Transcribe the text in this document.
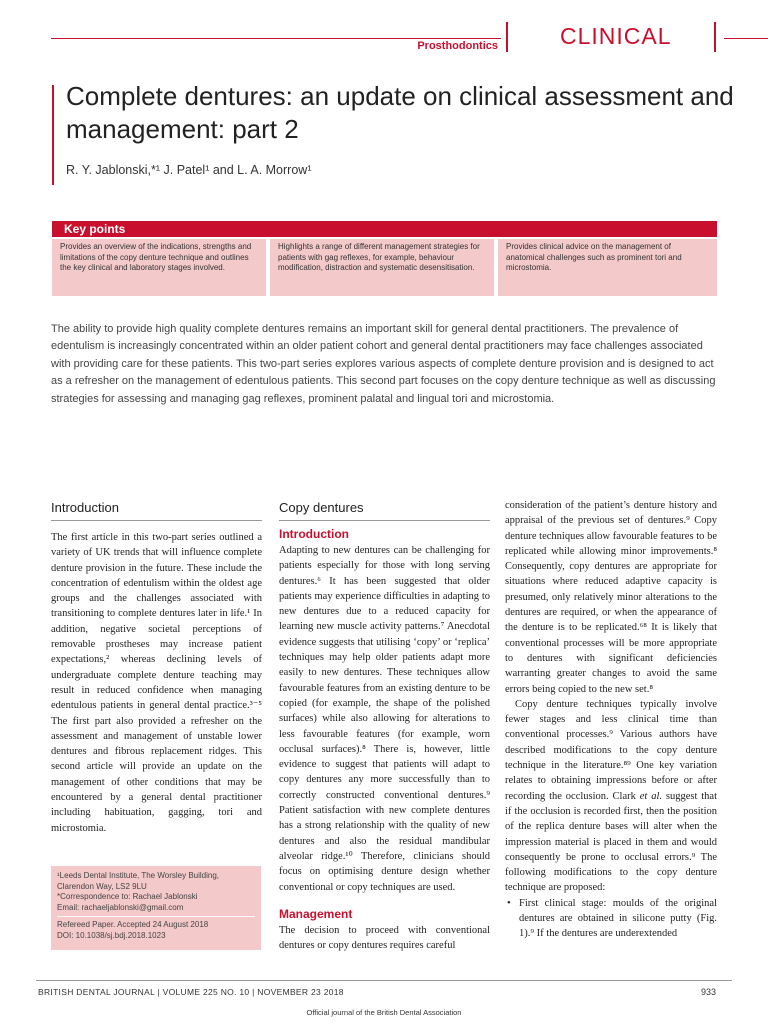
Prosthodontics	CLINICAL
Complete dentures: an update on clinical assessment and management: part 2
R. Y. Jablonski,*¹ J. Patel¹ and L. A. Morrow¹
Key points
Provides an overview of the indications, strengths and limitations of the copy denture technique and outlines the key clinical and laboratory stages involved.
Highlights a range of different management strategies for patients with gag reflexes, for example, behaviour modification, distraction and systematic desensitisation.
Provides clinical advice on the management of anatomical challenges such as prominent tori and microstomia.
The ability to provide high quality complete dentures remains an important skill for general dental practitioners. The prevalence of edentulism is increasingly concentrated within an older patient cohort and general dental practitioners may face challenges associated with providing care for these patients. This two-part series explores various aspects of complete denture provision and is designed to act as a refresher on the management of edentulous patients. This second part focuses on the copy denture technique as well as discussing strategies for assessing and managing gag reflexes, prominent palatal and lingual tori and microstomia.
Introduction

The first article in this two-part series outlined a variety of UK trends that will influence complete denture provision in the future. These include the concentration of edentulism within the oldest age groups and the challenges associated with transitioning to complete dentures later in life.¹ In addition, negative societal perceptions of removable prostheses may increase patient expectations,² whereas declining levels of undergraduate complete denture teaching may result in reduced confidence when managing edentulous patients in general dental practice.³⁻⁵ The first part also provided a refresher on the assessment and management of unstable lower dentures and fibrous replacement ridges. This second article will provide an update on the management of other conditions that may be encountered by a general dental practitioner including habituation, gagging, tori and microstomia.

¹Leeds Dental Institute, The Worsley Building, Clarendon Way, LS2 9LU
*Correspondence to: Rachael Jablonski
Email: rachaeljablonski@gmail.com
Refereed Paper. Accepted 24 August 2018
DOI: 10.1038/sj.bdj.2018.1023
Copy dentures
Introduction

Adapting to new dentures can be challenging for patients especially for those with long serving dentures.⁶ It has been suggested that older patients may experience difficulties in adapting to new dentures due to a reduced capacity for learning new muscle activity patterns.⁷ Anecdotal evidence suggests that utilising ‘copy’ or ‘replica’ techniques may help older patients adapt more easily to new dentures. These techniques allow favourable features from an existing denture to be copied (for example, the shape of the polished surfaces) while also allowing for alterations to less favourable features (for example, worn occlusal surfaces).⁸ There is, however, little evidence to suggest that patients will adapt to copy dentures any more successfully than to correctly constructed conventional dentures.⁹ Patient satisfaction with new complete dentures has a strong relationship with the quality of new dentures and also the residual mandibular alveolar ridge.¹⁰ Therefore, clinicians should focus on optimising denture design whether conventional or copy techniques are used.

Management

The decision to proceed with conventional dentures or copy dentures requires careful

consideration of the patient’s denture history and appraisal of the previous set of dentures.⁹ Copy denture techniques allow favourable features to be replicated while allowing minor improvements.⁸ Consequently, copy dentures are appropriate for situations where reduced adaptive capacity is presumed, only relatively minor alterations to the dentures are required, or when the appearance of the denture is to be replicated.⁶⁸ It is likely that conventional processes will be more appropriate to dentures with significant deficiencies warranting greater changes to avoid the same errors being copied to the new set.⁸

Copy denture techniques typically involve fewer stages and less clinical time than conventional processes.⁹ Various authors have described modifications to the copy denture technique in the literature.⁸⁹ One key variation relates to obtaining impressions before or after recording the occlusion. Clark et al. suggest that if the occlusion is recorded first, then the position of the replica denture bases will alter when the impression material is placed in them and would consequently be prone to occlusal errors.⁹ The following modifications to the copy denture technique are proposed:

• First clinical stage: moulds of the original dentures are obtained in silicone putty (Fig. 1).⁹ If the dentures are underextended

BRITISH DENTAL JOURNAL | VOLUME 225 NO. 10 | NOVEMBER 23 2018	933
Official journal of the British Dental Association
